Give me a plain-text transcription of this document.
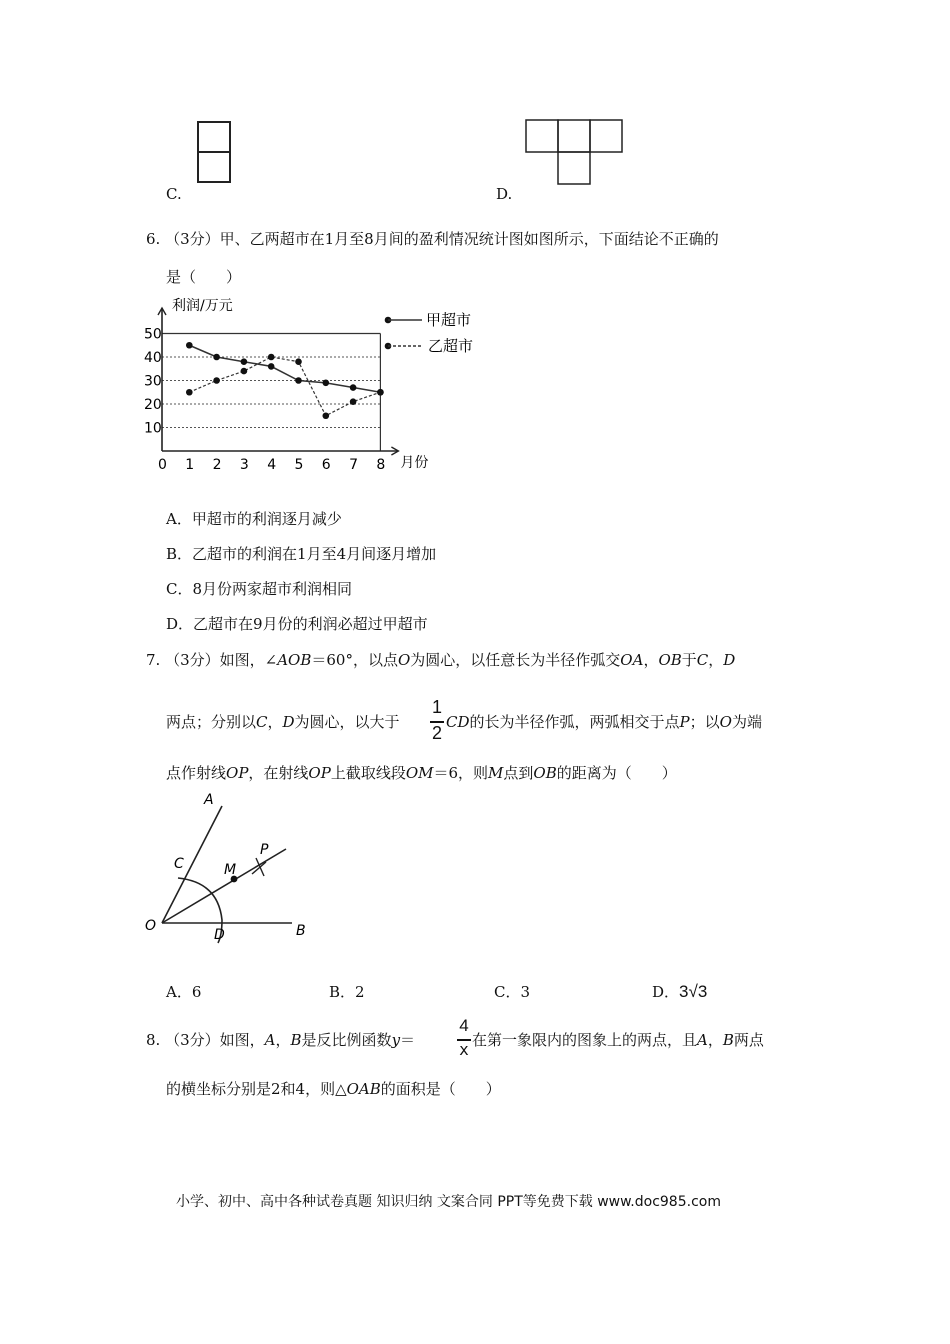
C.	D.
6. （3分）甲、乙两超市在1月至8月间的盈利情况统计图如图所示，下面结论不正确的
是（　　）
10
20
30
40
50
利润/万元
月份
0 1 2 3 4 5 6 7 8
甲超市
乙超市
A．甲超市的利润逐月减少
B．乙超市的利润在1月至4月间逐月增加
C．8月份两家超市利润相同
D．乙超市在9月份的利润必超过甲超市
7. （3分）如图，∠AOB＝60°，以点O为圆心，以任意长为半径作弧交OA，OB于C，D
两点；分别以C，D为圆心，以大于
1
2
CD的长为半径作弧，两弧相交于点P；以O为端
点作射线OP，在射线OP上截取线段OM＝6，则M点到OB的距离为（　　）
A
B
C
D
O
M
P
A．6	B．2	C．3	D．3√3
8. （3分）如图，A，B是反比例函数y＝
4
x 在第一象限内的图象上的两点，且A，B两点
的横坐标分别是2和4，则△OAB的面积是（　　）
小学、初中、高中各种试卷真题 知识归纳 文案合同 PPT等免费下载 www.doc985.com
